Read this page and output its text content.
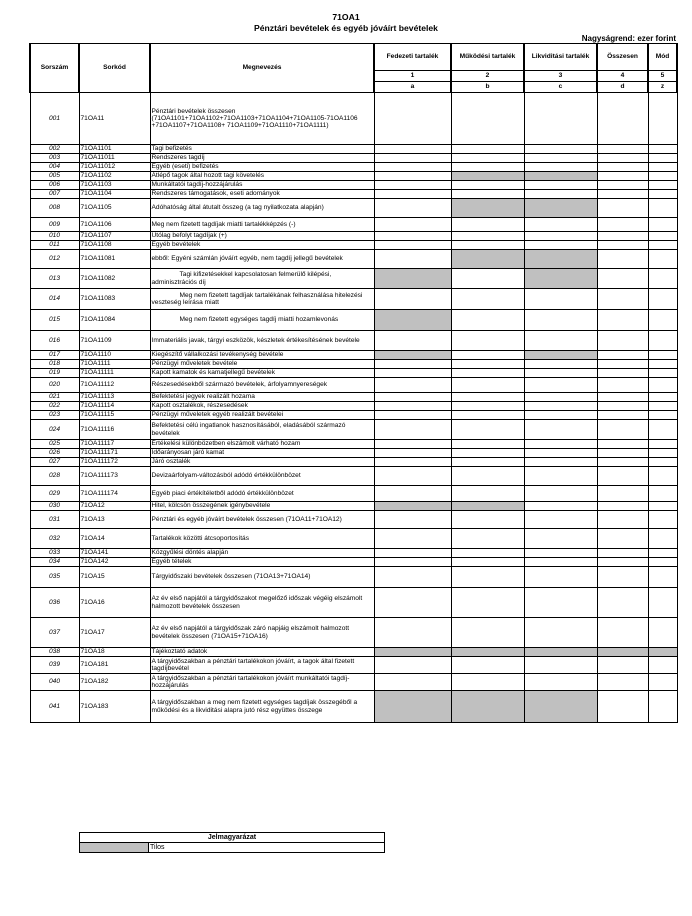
71OA1
Pénztári bevételek és egyéb jóváírt bevételek
Nagyságrend: ezer forint
Sorszám	Sorkód	Megnevezés	Fedezeti tartalék	Működési tartalék	Likviditási tartalék	Összesen	Mód
			1	2	3	4	5
			a	b	c	d	z
001	71OA11	Pénztári bevételek összesen (71OA1101+71OA1102+71OA1103+71OA1104+71OA1105-71OA1106 +71OA1107+71OA1108+ 71OA1109+71OA1110+71OA1111)					
002	71OA1101	Tagi befizetés					
003	71OA11011	Rendszeres tagdíj					
004	71OA11012	Egyéb (eseti) befizetés					
005	71OA1102	Átlépő tagok által hozott tagi követelés					
006	71OA1103	Munkáltatói tagdíj-hozzájárulás					
007	71OA1104	Rendszeres támogatások, eseti adományok					
008	71OA1105	Adóhatóság által átutalt összeg (a tag nyilatkozata alapján)					
009	71OA1106	Meg nem fizetett tagdíjak miatti tartalékképzés (-)					
010	71OA1107	Utólag befolyt tagdíjak (+)					
011	71OA1108	Egyéb bevételek					
012	71OA11081	ebből: Egyéni számlán jóváírt egyéb, nem tagdíj jellegű bevételek					
013	71OA11082	Tagi kifizetésekkel kapcsolatosan felmerülő kilépési, adminisztrációs díj					
014	71OA11083	Meg nem fizetett tagdíjak tartalékának felhasználása hitelezési veszteség leírása miatt					
015	71OA11084	Meg nem fizetett egységes tagdíj miatti hozamlevonás					
016	71OA1109	Immateriális javak, tárgyi eszközök, készletek értékesítésének bevétele					
017	71OA1110	Kiegészítő vállalkozási tevékenység bevétele					
018	71OA1111	Pénzügyi műveletek bevétele					
019	71OA11111	Kapott kamatok és kamatjellegű bevételek					
020	71OA11112	Részesedésekből származó bevételek, árfolyamnyereségek					
021	71OA11113	Befektetési jegyek realizált hozama					
022	71OA11114	Kapott osztalékok, részesedések					
023	71OA11115	Pénzügyi műveletek egyéb realizált bevételei					
024	71OA11116	Befektetési célú ingatlanok hasznosításából, eladásából származó bevételek					
025	71OA11117	Értékelési különbözetben elszámolt várható hozam					
026	71OA111171	Időarányosan járó kamat					
027	71OA111172	Járó osztalék					
028	71OA111173	Devizaárfolyam-változásból adódó értékkülönbözet					
029	71OA111174	Egyéb piaci értékítéletből adódó értékkülönbözet					
030	71OA12	Hitel, kölcsön összegének igénybevétele					
031	71OA13	Pénztári és egyéb jóváírt bevételek összesen (71OA11+71OA12)					
032	71OA14	Tartalékok közötti átcsoportosítás					
033	71OA141	Közgyűlési döntés alapján					
034	71OA142	Egyéb tételek					
035	71OA15	Tárgyidőszaki bevételek összesen (71OA13+71OA14)					
036	71OA16	Az év első napjától a tárgyidőszakot megelőző időszak végéig elszámolt halmozott bevételek összesen					
037	71OA17	Az év első napjától a tárgyidőszak záró napjáig elszámolt halmozott bevételek összesen (71OA15+71OA16)					
038	71OA18	Tájékoztató adatok					
039	71OA181	A tárgyidőszakban a pénztári tartalékokon jóváírt, a tagok által fizetett tagdíjbevétel					
040	71OA182	A tárgyidőszakban a pénztári tartalékokon jóváírt munkáltatói tagdíj-hozzájárulás					
041	71OA183	A tárgyidőszakban a meg nem fizetett egységes tagdíjak összegéből a működési és a likviditási alapra jutó rész együttes összege					
Jelmagyarázat
	Tilos
